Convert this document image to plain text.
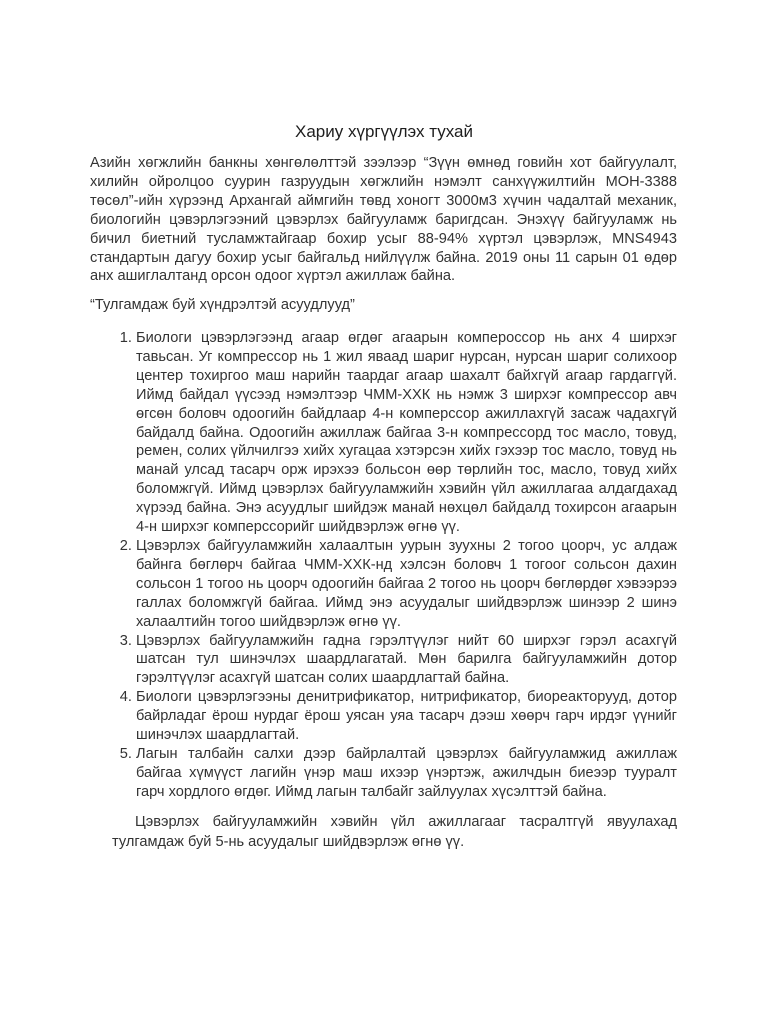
Хариу хүргүүлэх тухай

Азийн хөгжлийн банкны хөнгөлөлттэй зээлээр “Зүүн өмнөд говийн хот байгуулалт, хилийн ойролцоо суурин газруудын хөгжлийн нэмэлт санхүүжилтийн MOH-3388 төсөл”-ийн хүрээнд Архангай аймгийн төвд хоногт 3000м3 хүчин чадалтай механик, биологийн цэвэрлэгээний цэвэрлэх байгууламж баригдсан. Энэхүү байгууламж нь бичил биетний тусламжтайгаар бохир усыг 88-94% хүртэл цэвэрлэж, MNS4943 стандартын дагуу бохир усыг байгальд нийлүүлж байна. 2019 оны 11 сарын 01 өдөр анх ашиглалтанд орсон одоог хүртэл ажиллаж байна.

“Тулгамдаж буй хүндрэлтэй асуудлууд”

1. Биологи цэвэрлэгээнд агаар өгдөг агаарын компероссор нь анх 4 ширхэг тавьсан. Уг компрессор нь 1 жил яваад шариг нурсан, нурсан шариг солихоор центер тохиргоо маш нарийн таардаг агаар шахалт байхгүй агаар гардаггүй. Иймд байдал үүсээд нэмэлтээр ЧММ-ХХК нь нэмж 3 ширхэг компрессор авч өгсөн боловч одоогийн байдлаар 4-н комперссор ажиллахгүй засаж чадахгүй байдалд байна. Одоогийн ажиллаж байгаа 3-н компрессорд тос масло, товуд, ремен, солих үйлчилгээ хийх хугацаа хэтэрсэн хийх гэхээр тос масло, товуд нь манай улсад тасарч орж ирэхээ больсон өөр төрлийн тос, масло, товуд хийх боломжгүй. Иймд цэвэрлэх байгууламжийн хэвийн үйл ажиллагаа алдагдахад хүрээд байна. Энэ асуудлыг шийдэж манай нөхцөл байдалд тохирсон агаарын 4-н ширхэг комперссорийг шийдвэрлэж өгнө үү.
2. Цэвэрлэх байгууламжийн халаалтын уурын зуухны 2 тогоо цоорч, ус алдаж байнга бөглөрч байгаа ЧММ-ХХК-нд хэлсэн боловч 1 тогоог сольсон дахин сольсон 1 тогоо нь цоорч одоогийн байгаа 2 тогоо нь цоорч бөглөрдөг хэвээрээ галлах боломжгүй байгаа. Иймд энэ асуудалыг шийдвэрлэж шинээр 2 шинэ халаалтийн тогоо шийдвэрлэж өгнө үү.
3. Цэвэрлэх байгууламжийн гадна гэрэлтүүлэг нийт 60 ширхэг гэрэл асахгүй шатсан тул шинэчлэх шаардлагатай. Мөн барилга байгууламжийн дотор гэрэлтүүлэг асахгүй шатсан солих шаардлагтай байна.
4. Биологи цэвэрлэгээны денитрификатор, нитрификатор, биореакторууд, дотор байрладаг ёрош нурдаг ёрош уясан уяа тасарч дээш хөөрч гарч ирдэг үүнийг шинэчлэх шаардлагтай.
5. Лагын талбайн салхи дээр байрлалтай цэвэрлэх байгууламжид ажиллаж байгаа хүмүүст лагийн үнэр маш ихээр үнэртэж, ажилчдын биеээр тууралт гарч хордлого өгдөг. Иймд лагын талбайг зайлуулах хүсэлттэй байна.

Цэвэрлэх байгууламжийн хэвийн үйл ажиллагааг тасралтгүй явуулахад тулгамдаж буй 5-нь асуудалыг шийдвэрлэж өгнө үү.
